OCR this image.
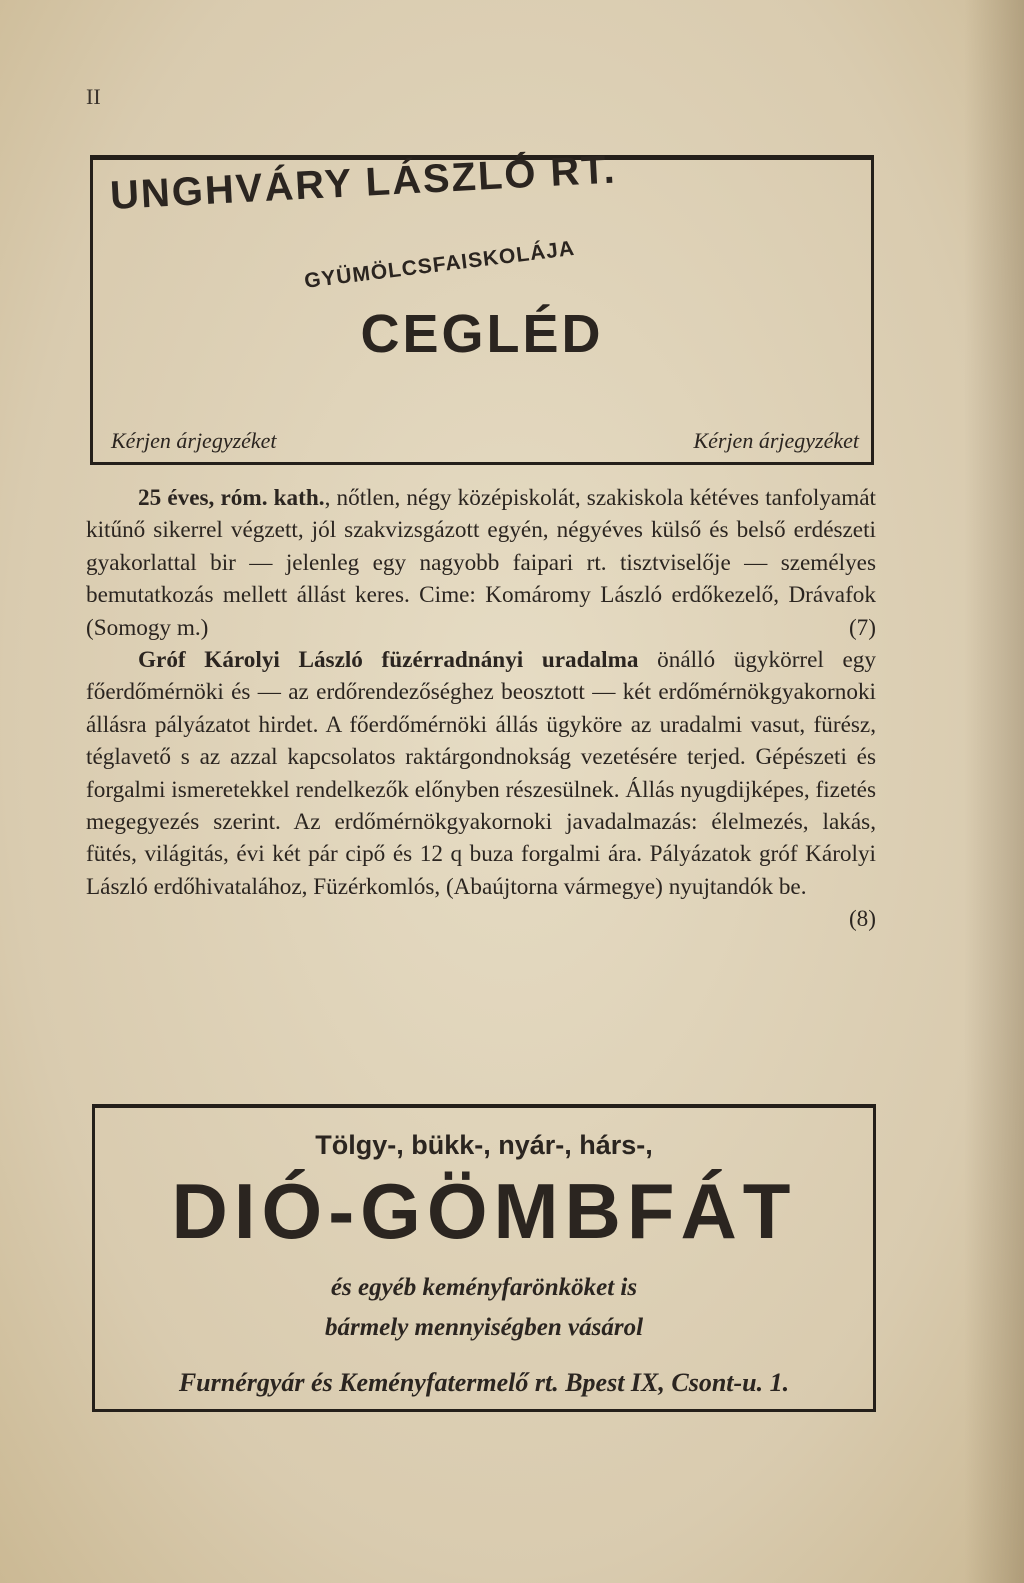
II
UNGHVÁRY LÁSZLÓ RT.
GYÜMÖLCSFAISKOLÁJA
CEGLÉD
Kérjen árjegyzéket	Kérjen árjegyzéket

25 éves, róm. kath., nőtlen, négy középiskolát, szakiskola kétéves tanfolyamát kitűnő sikerrel végzett, jól szakvizsgázott egyén, négyéves külső és belső erdészeti gyakorlattal bir — jelenleg egy nagyobb faipari rt. tisztviselője — személyes bemutatkozás mellett állást keres. Cime: Komáromy László erdőkezelő, Drávafok (Somogy m.)	(7)

Gróf Károlyi László füzérradnányi uradalma önálló ügykörrel egy főerdőmérnöki és — az erdőrendezőséghez beosztott — két erdőmérnökgyakornoki állásra pályázatot hirdet. A főerdőmérnöki állás ügyköre az uradalmi vasut, fürész, téglavető s az azzal kapcsolatos raktárgondnokság vezetésére terjed. Gépészeti és forgalmi ismeretekkel rendelkezők előnyben részesülnek. Állás nyugdijképes, fizetés megegyezés szerint. Az erdőmérnökgyakornoki javadalmazás: élelmezés, lakás, fütés, világitás, évi két pár cipő és 12 q buza forgalmi ára. Pályázatok gróf Károlyi László erdőhivatalához, Füzérkomlós, (Abaújtorna vármegye) nyujtandók be.
(8)

Tölgy-, bükk-, nyár-, hárs-,
DIÓ-GÖMBFÁT
és egyéb keményfarönköket is
bármely mennyiségben vásárol
Furnérgyár és Keményfatermelő rt. Bpest IX, Csont-u. 1.
